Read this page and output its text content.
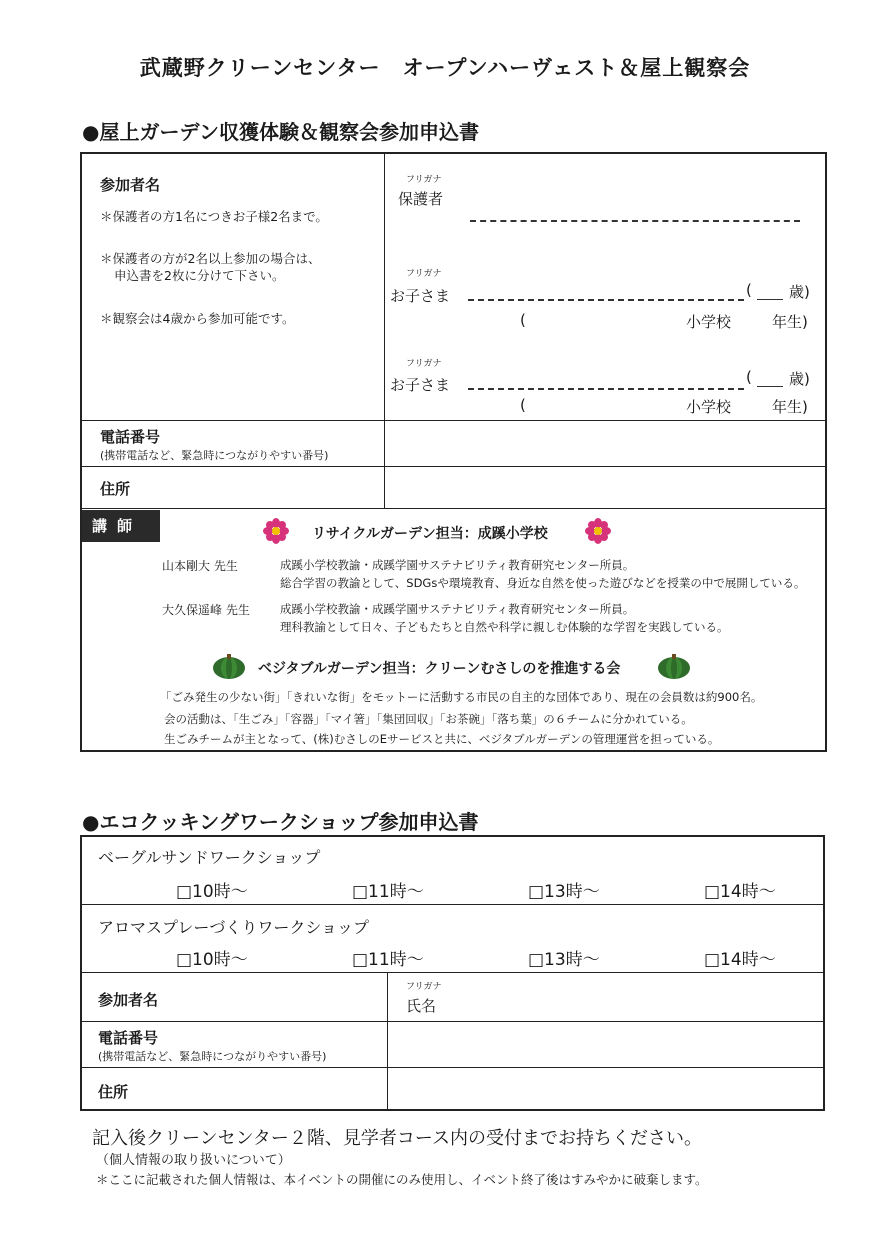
武蔵野クリーンセンター　オープンハーヴェスト＆屋上観察会
●屋上ガーデン収獲体験＆観察会参加申込書
参加者名
＊保護者の方1名につきお子様2名まで。
＊保護者の方が2名以上参加の場合は、
申込書を2枚に分けて下さい。
＊観察会は4歳から参加可能です。
フリガナ
保護者
フリガナ
お子さま	( 歳)
(	小学校	年生)
フリガナ
お子さま	( 歳)
(	小学校	年生)
電話番号
(携帯電話など、緊急時につながりやすい番号)
住所
講師	リサイクルガーデン担当：成蹊小学校
山本剛大 先生	成蹊小学校教諭・成蹊学園サステナビリティ教育研究センター所員。
総合学習の教諭として、SDGsや環境教育、身近な自然を使った遊びなどを授業の中で展開している。
大久保遥峰 先生	成蹊小学校教諭・成蹊学園サステナビリティ教育研究センター所員。
理科教諭として日々、子どもたちと自然や科学に親しむ体験的な学習を実践している。
ベジタブルガーデン担当：クリーンむさしのを推進する会
「ごみ発生の少ない街」「きれいな街」をモットーに活動する市民の自主的な団体であり、現在の会員数は約900名。
会の活動は、「生ごみ」「容器」「マイ箸」「集団回収」「お茶碗」「落ち葉」の６チームに分かれている。
生ごみチームが主となって、(株)むさしのEサービスと共に、ベジタブルガーデンの管理運営を担っている。
●エコクッキングワークショップ参加申込書
ベーグルサンドワークショップ
□10時～	□11時～	□13時～	□14時～
アロマスプレーづくりワークショップ
□10時～	□11時～	□13時～	□14時～
参加者名
フリガナ
氏名
電話番号
(携帯電話など、緊急時につながりやすい番号)
住所
記入後クリーンセンター２階、見学者コース内の受付までお持ちください。
（個人情報の取り扱いについて）
＊ここに記載された個人情報は、本イベントの開催にのみ使用し、イベント終了後はすみやかに破棄します。
